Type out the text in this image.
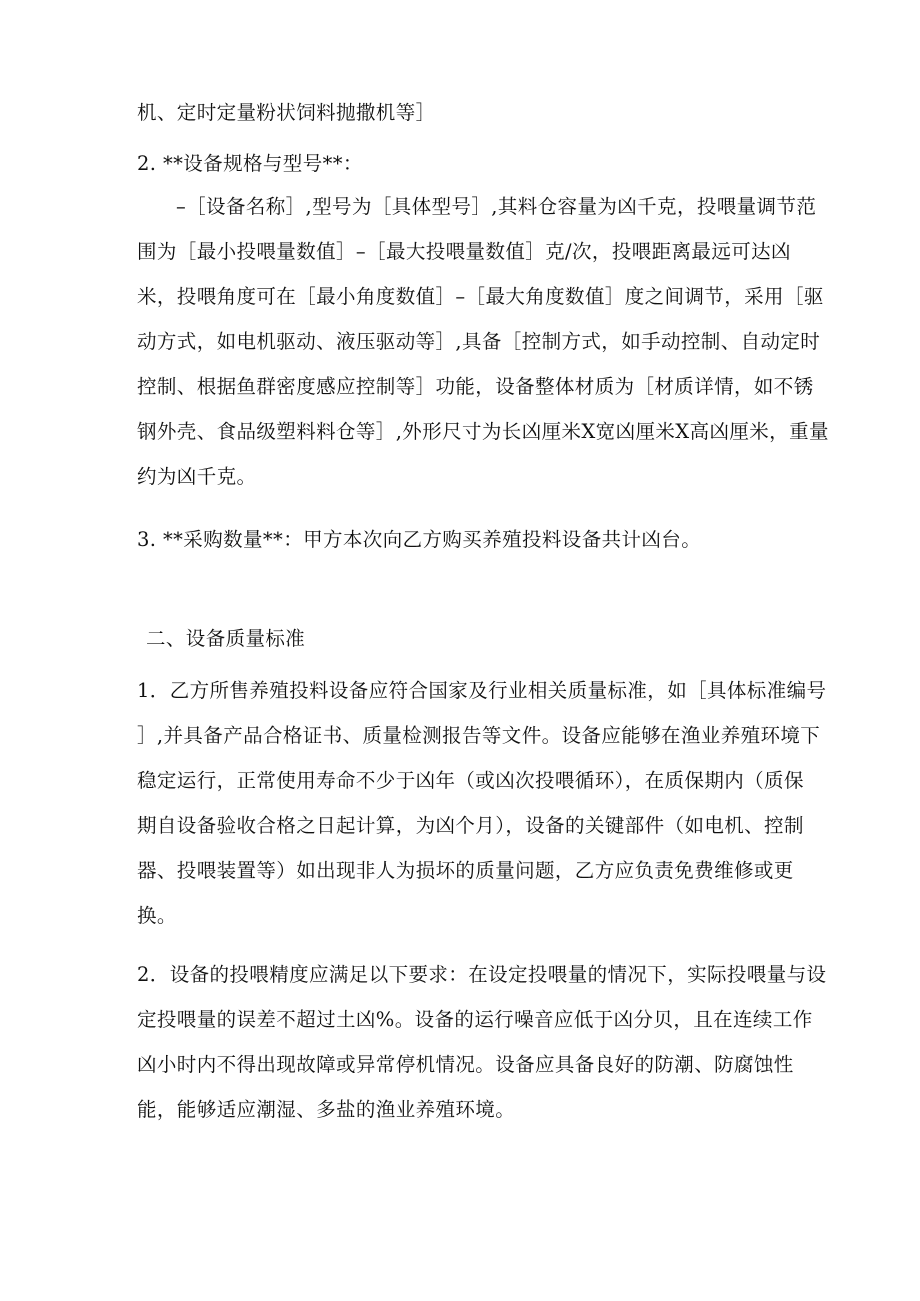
机、定时定量粉状饲料抛撒机等］
2. **设备规格与型号**：
–［设备名称］,型号为［具体型号］,其料仓容量为凶千克，投喂量调节范
围为［最小投喂量数值］–［最大投喂量数值］克/次，投喂距离最远可达凶
米，投喂角度可在［最小角度数值］–［最大角度数值］度之间调节，采用［驱
动方式，如电机驱动、液压驱动等］,具备［控制方式，如手动控制、自动定时
控制、根据鱼群密度感应控制等］功能，设备整体材质为［材质详情，如不锈
钢外壳、食品级塑料料仓等］,外形尺寸为长凶厘米X宽凶厘米X高凶厘米，重量
约为凶千克。
3. **采购数量**：甲方本次向乙方购买养殖投料设备共计凶台。
二、设备质量标准
1．乙方所售养殖投料设备应符合国家及行业相关质量标准，如［具体标准编号
］,并具备产品合格证书、质量检测报告等文件。设备应能够在渔业养殖环境下
稳定运行，正常使用寿命不少于凶年（或凶次投喂循环），在质保期内（质保
期自设备验收合格之日起计算，为凶个月），设备的关键部件（如电机、控制
器、投喂装置等）如出现非人为损坏的质量问题，乙方应负责免费维修或更
换。
2．设备的投喂精度应满足以下要求：在设定投喂量的情况下，实际投喂量与设
定投喂量的误差不超过土凶%。设备的运行噪音应低于凶分贝，且在连续工作
凶小时内不得出现故障或异常停机情况。设备应具备良好的防潮、防腐蚀性
能，能够适应潮湿、多盐的渔业养殖环境。
